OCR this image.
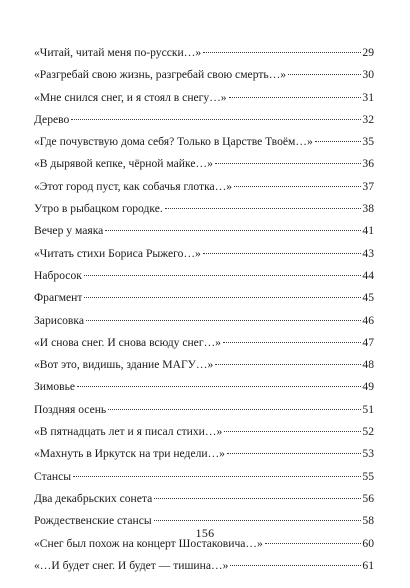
«Читай, читай меня по-русски…»	29
«Разгребай свою жизнь, разгребай свою смерть…»	30
«Мне снился снег, и я стоял в снегу…»	31
Дерево	32
«Где почувствую дома себя? Только в Царстве Твоём…»	35
«В дырявой кепке, чёрной майке…»	36
«Этот город пуст, как собачья глотка…»	37
Утро в рыбацком городке.	38
Вечер у маяка	41
«Читать стихи Бориса Рыжего…»	43
Набросок	44
Фрагмент	45
Зарисовка	46
«И снова снег. И снова всюду снег…»	47
«Вот это, видишь, здание МАГУ…»	48
Зимовье	49
Поздняя осень	51
«В пятнадцать лет и я писал стихи…»	52
«Махнуть в Иркутск на три недели…»	53
Стансы	55
Два декабрьских сонета	56
Рождественские стансы	58
«Снег был похож на концерт Шостаковича…»	60
«…И будет снег. И будет — тишина…»	61
156
